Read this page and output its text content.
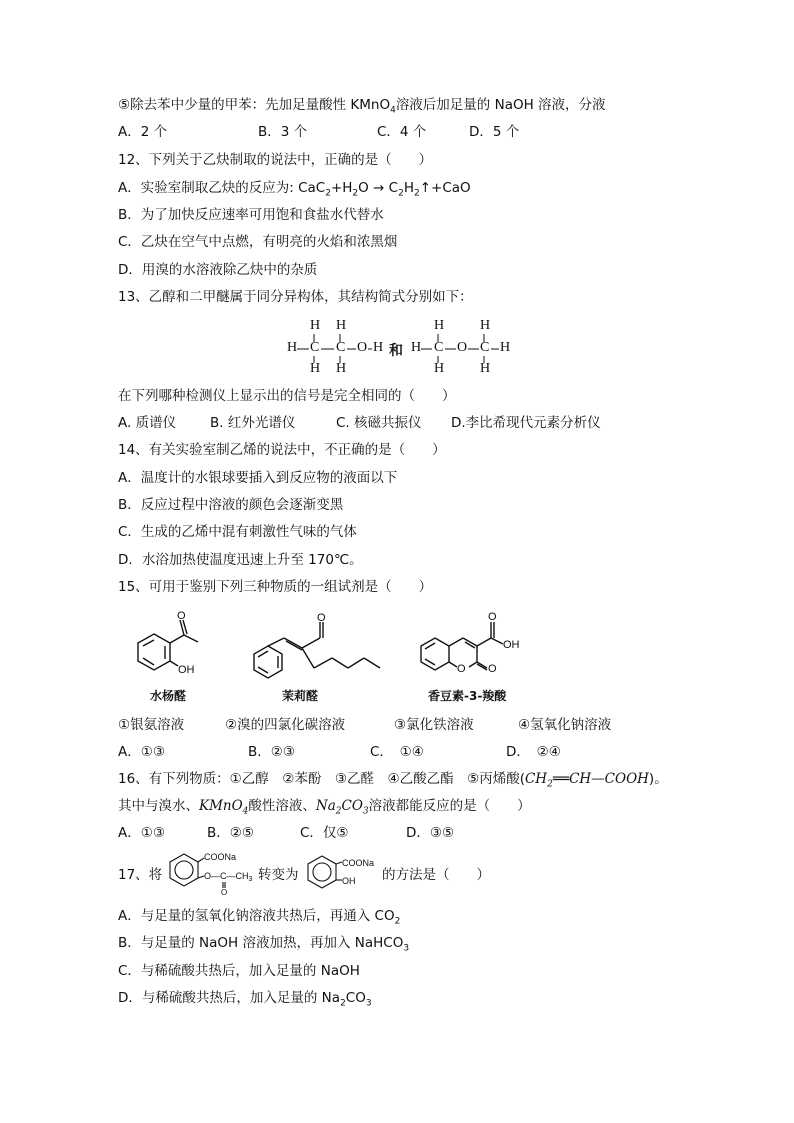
⑤除去苯中少量的甲苯：先加足量酸性 KMnO$_4$溶液后加足量的 NaOH 溶液，分液
A．2 个	B．3 个	C．4 个	D．5 个
12、下列关于乙炔制取的说法中，正确的是（　　）
A．实验室制取乙炔的反应为: $CaC_2+H_2O$ → $C_2H_2↑+CaO$
B．为了加快反应速率可用饱和食盐水代替水
C．乙炔在空气中点燃，有明亮的火焰和浓黑烟
D．用溴的水溶液除乙炔中的杂质
13、乙醇和二甲醚属于同分异构体，其结构简式分别如下：
H H
H C C O H
H H
和
H	H
H C O C H
H	H
在下列哪种检测仪上显示出的信号是完全相同的（　　）
A. 质谱仪	B. 红外光谱仪	C. 核磁共振仪 D.李比希现代元素分析仪
14、有关实验室制乙烯的说法中，不正确的是（　　）
A．温度计的水银球要插入到反应物的液面以下
B．反应过程中溶液的颜色会逐渐变黑
C．生成的乙烯中混有刺激性气味的气体
D．水浴加热使温度迅速上升至 170℃。
15、可用于鉴别下列三种物质的一组试剂是（　　）
O
OH
水杨醛
O
茉莉醛
O O
O
OH
香豆素-3-羧酸
①银氨溶液	②溴的四氯化碳溶液	③氯化铁溶液	④氢氧化钠溶液
A．①③	B．②③	C．　①④	D．　②④
16、有下列物质：①乙醇　②苯酚　③乙醛　④乙酸乙酯　⑤丙烯酸$(CH_2══CH—COOH)$。
其中与溴水、KMnO$_4$酸性溶液、$Na_2CO_3$溶液都能反应的是（　　）
A．①③	B．②⑤	C．仅⑤	D．③⑤
17、将
COONa
$O—C—CH_3$
O
转变为
COONa
OH 的方法是（　　）
A．与足量的氢氧化钠溶液共热后，再通入 $CO_2$
B．与足量的 NaOH 溶液加热，再加入 NaHCO$_3$
C．与稀硫酸共热后，加入足量的 NaOH
D．与稀硫酸共热后，加入足量的 $Na_2CO_3$
